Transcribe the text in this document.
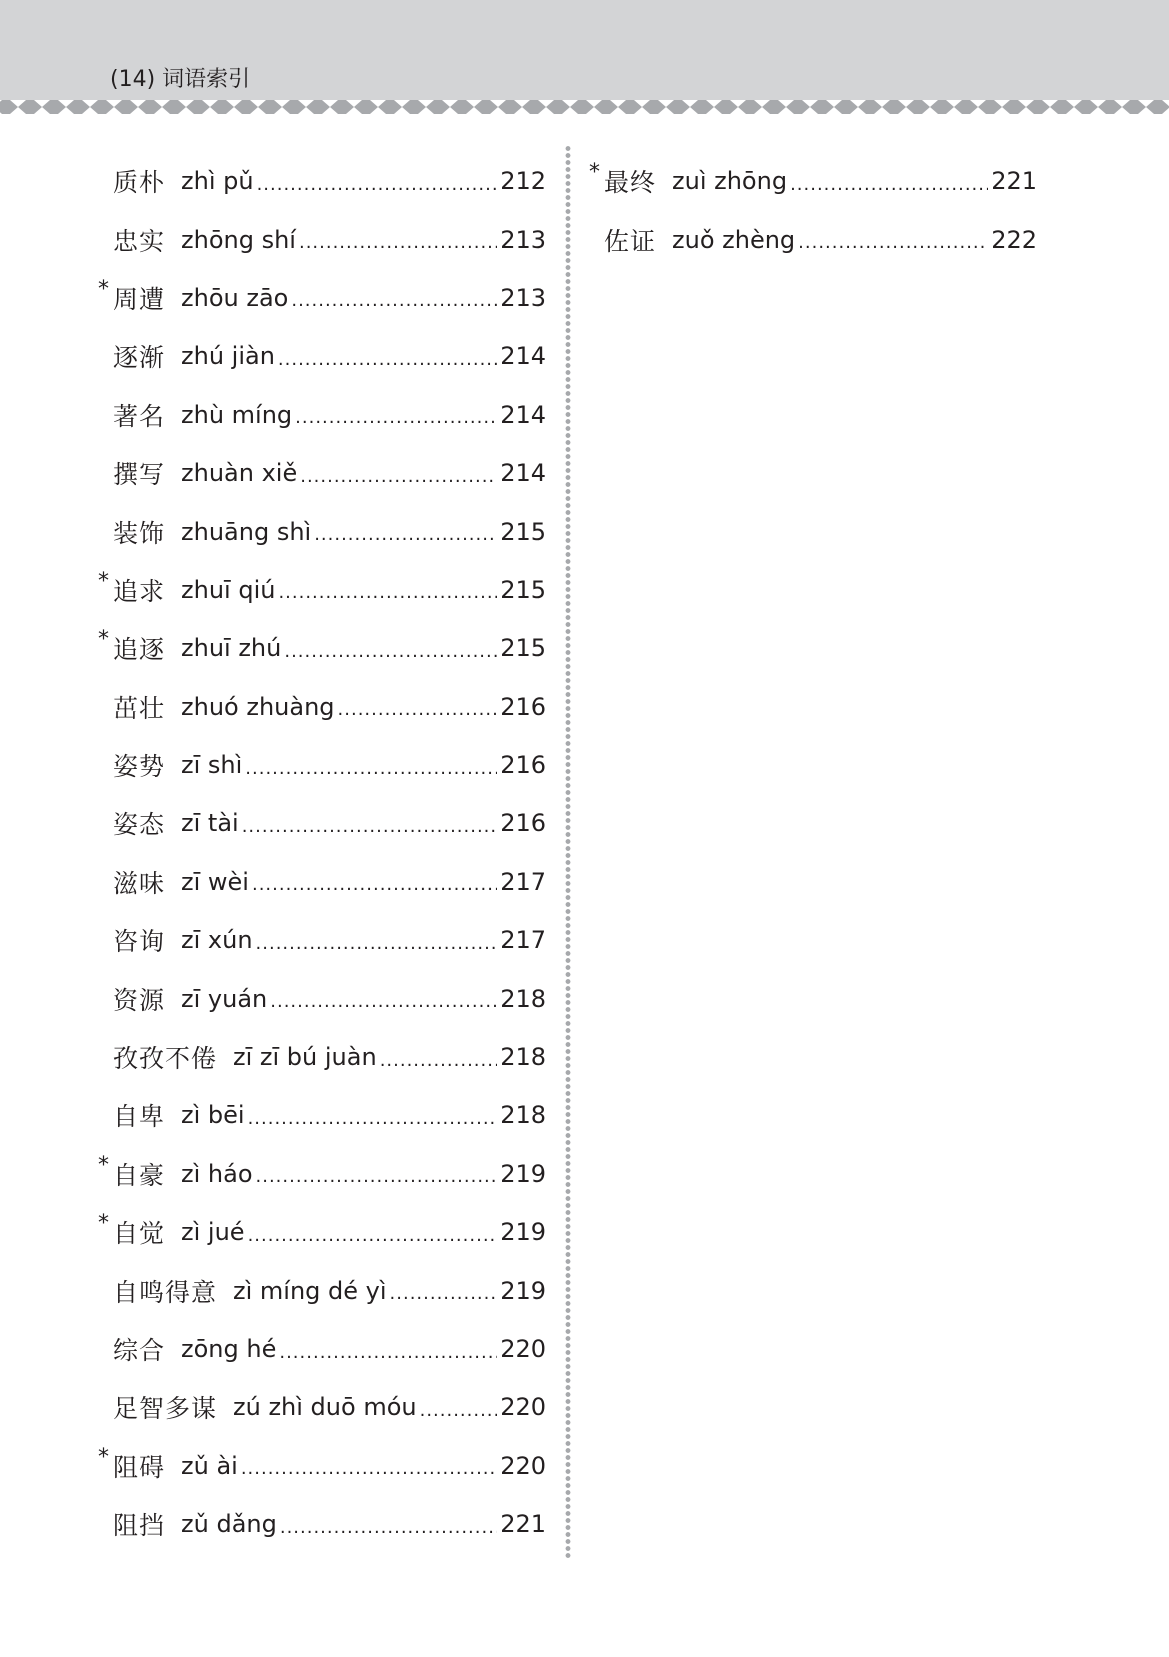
(14) 词语索引
质朴 zhì pǔ .....	212
忠实 zhōng shí .....	213
* 周遭 zhōu zāo .....	213
逐渐 zhú jiàn .....	214
著名 zhù míng .....	214
撰写 zhuàn xiě .....	214
装饰 zhuāng shì .....	215
* 追求 zhuī qiú .....	215
* 追逐 zhuī zhú .....	215
茁壮 zhuó zhuàng .....	216
姿势 zī shì .....	216
姿态 zī tài .....	216
滋味 zī wèi .....	217
咨询 zī xún .....	217
资源 zī yuán .....	218
孜孜不倦 zī zī bú juàn .....	218
自卑 zì bēi .....	218
* 自豪 zì háo .....	219
* 自觉 zì jué .....	219
自鸣得意 zì míng dé yì .....	219
综合 zōng hé .....	220
足智多谋 zú zhì duō móu .....	220
* 阻碍 zǔ ài .....	220
阻挡 zǔ dǎng .....	221
* 最终 zuì zhōng .....	221
佐证 zuǒ zhèng .....	222
